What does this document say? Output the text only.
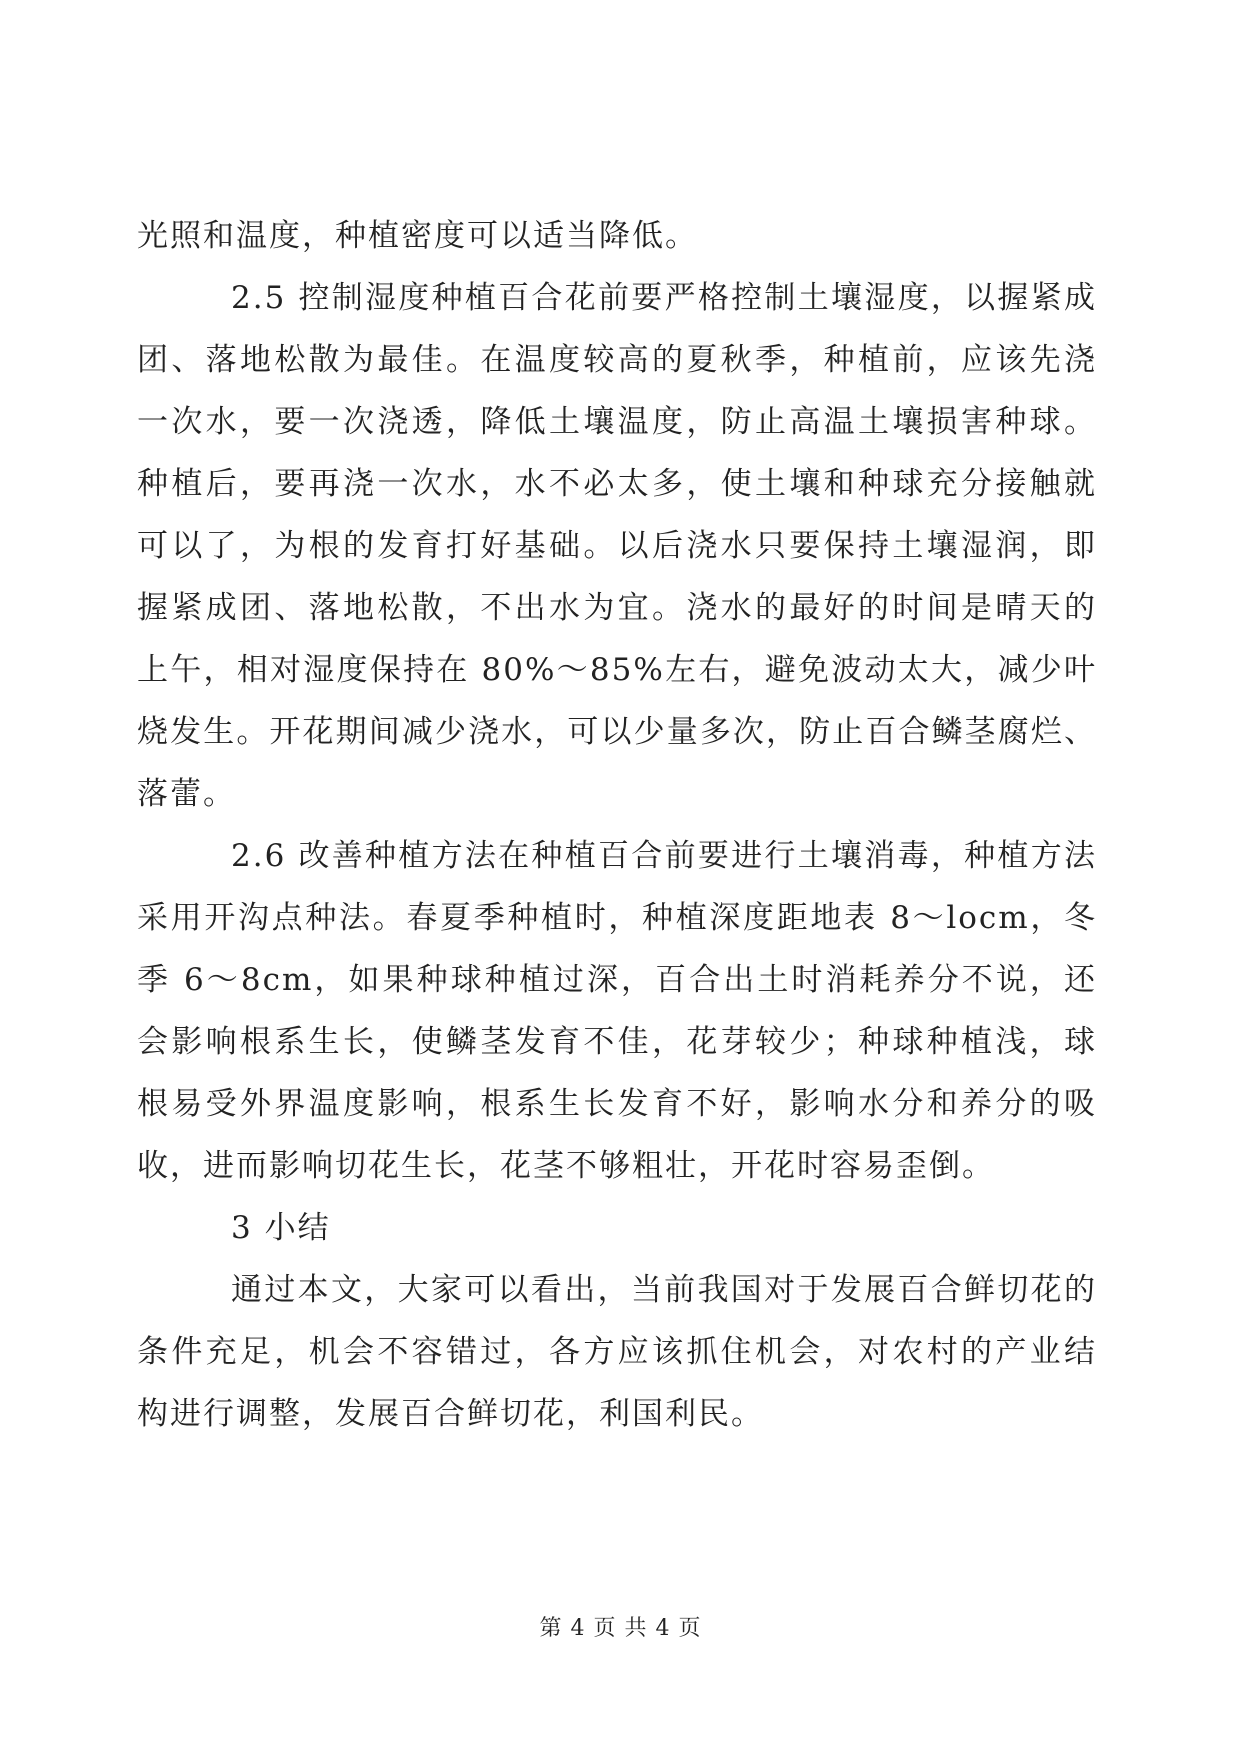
光照和温度，种植密度可以适当降低。
2.5 控制湿度种植百合花前要严格控制土壤湿度，以握紧成
团、落地松散为最佳。在温度较高的夏秋季，种植前，应该先浇
一次水，要一次浇透，降低土壤温度，防止高温土壤损害种球。
种植后，要再浇一次水，水不必太多，使土壤和种球充分接触就
可以了，为根的发育打好基础。以后浇水只要保持土壤湿润，即
握紧成团、落地松散，不出水为宜。浇水的最好的时间是晴天的
上午，相对湿度保持在 80%～85%左右，避免波动太大，减少叶
烧发生。开花期间减少浇水，可以少量多次，防止百合鳞茎腐烂、
落蕾。
2.6 改善种植方法在种植百合前要进行土壤消毒，种植方法
采用开沟点种法。春夏季种植时，种植深度距地表 8～locm，冬
季 6～8cm，如果种球种植过深，百合出土时消耗养分不说，还
会影响根系生长，使鳞茎发育不佳，花芽较少；种球种植浅，球
根易受外界温度影响，根系生长发育不好，影响水分和养分的吸
收，进而影响切花生长，花茎不够粗壮，开花时容易歪倒。
3 小结
通过本文，大家可以看出，当前我国对于发展百合鲜切花的
条件充足，机会不容错过，各方应该抓住机会，对农村的产业结
构进行调整，发展百合鲜切花，利国利民。
第 4 页 共 4 页
